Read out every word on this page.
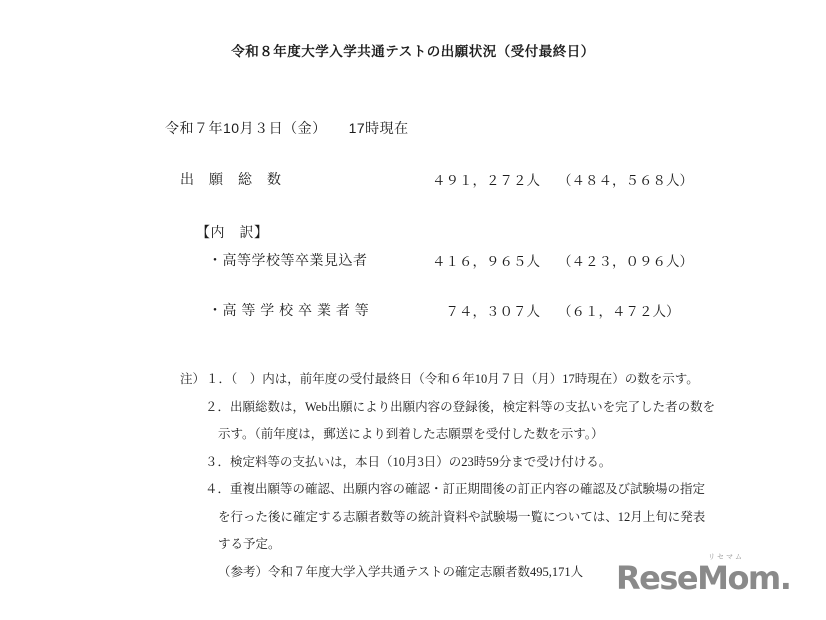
令和８年度大学入学共通テストの出願状況（受付最終日）
令和７年10月３日（金）　　17時現在
出　願　総　数	４９１，２７２人 （４８４，５６８人）
【内　訳】
・高等学校等卒業見込者	４１６，９６５人 （４２３，０９６人）
・高 等 学 校 卒 業 者 等	７４，３０７人 （６１，４７２人）
注）１．（　）内は，前年度の受付最終日（令和６年10月７日（月）17時現在）の数を示す。
２．出願総数は，Web出願により出願内容の登録後，検定料等の支払いを完了した者の数を
示す。（前年度は，郵送により到着した志願票を受付した数を示す。）
３．検定料等の支払いは，本日（10月3日）の23時59分まで受け付ける。
４．重複出願等の確認、出願内容の確認・訂正期間後の訂正内容の確認及び試験場の指定
を行った後に確定する志願者数等の統計資料や試験場一覧については、12月上旬に発表
する予定。
（参考）令和７年度大学入学共通テストの確定志願者数495,171人
リセマム
ReseMom.
